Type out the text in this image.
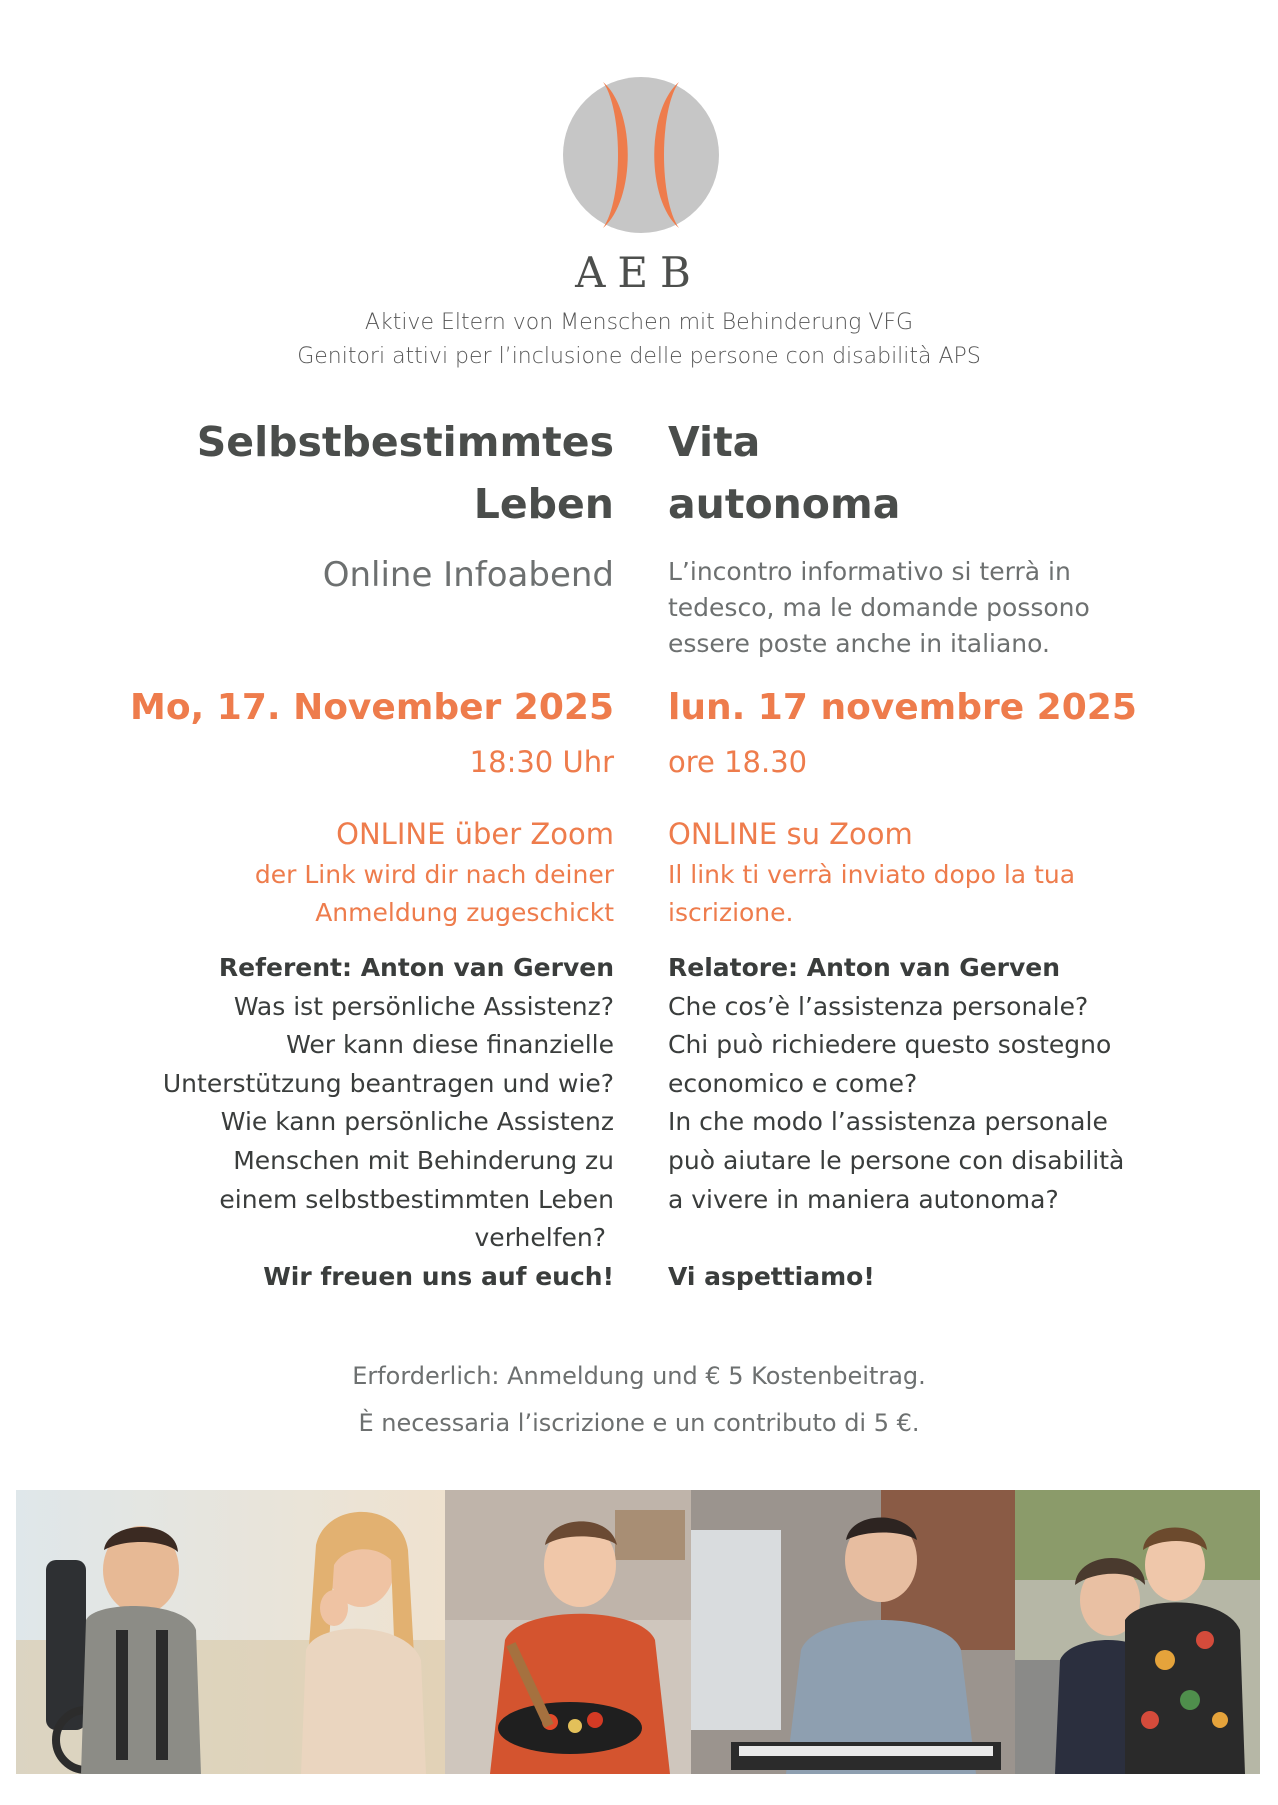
AEB
Aktive Eltern von Menschen mit Behinderung VFG
Genitori attivi per l’inclusione delle persone con disabilità APS
Selbstbestimmtes
Leben
Vita
autonoma
Online Infoabend L’incontro informativo si terrà in
tedesco, ma le domande possono
essere poste anche in italiano.
Mo, 17. November 2025 lun. 17 novembre 2025
18:30 Uhr ore 18.30
ONLINE über Zoom ONLINE su Zoom
der Link wird dir nach deiner
Anmeldung zugeschickt
Il link ti verrà inviato dopo la tua
iscrizione.
Referent: Anton van Gerven
Was ist persönliche Assistenz?
Wer kann diese finanzielle
Unterstützung beantragen und wie?
Wie kann persönliche Assistenz
Menschen mit Behinderung zu
einem selbstbestimmten Leben
verhelfen?
Wir freuen uns auf euch!
Relatore: Anton van Gerven
Che cos’è l’assistenza personale?
Chi può richiedere questo sostegno
economico e come?
In che modo l’assistenza personale
può aiutare le persone con disabilità
a vivere in maniera autonoma?

Vi aspettiamo!
Erforderlich: Anmeldung und € 5 Kostenbeitrag.
È necessaria l’iscrizione e un contributo di 5 €.
